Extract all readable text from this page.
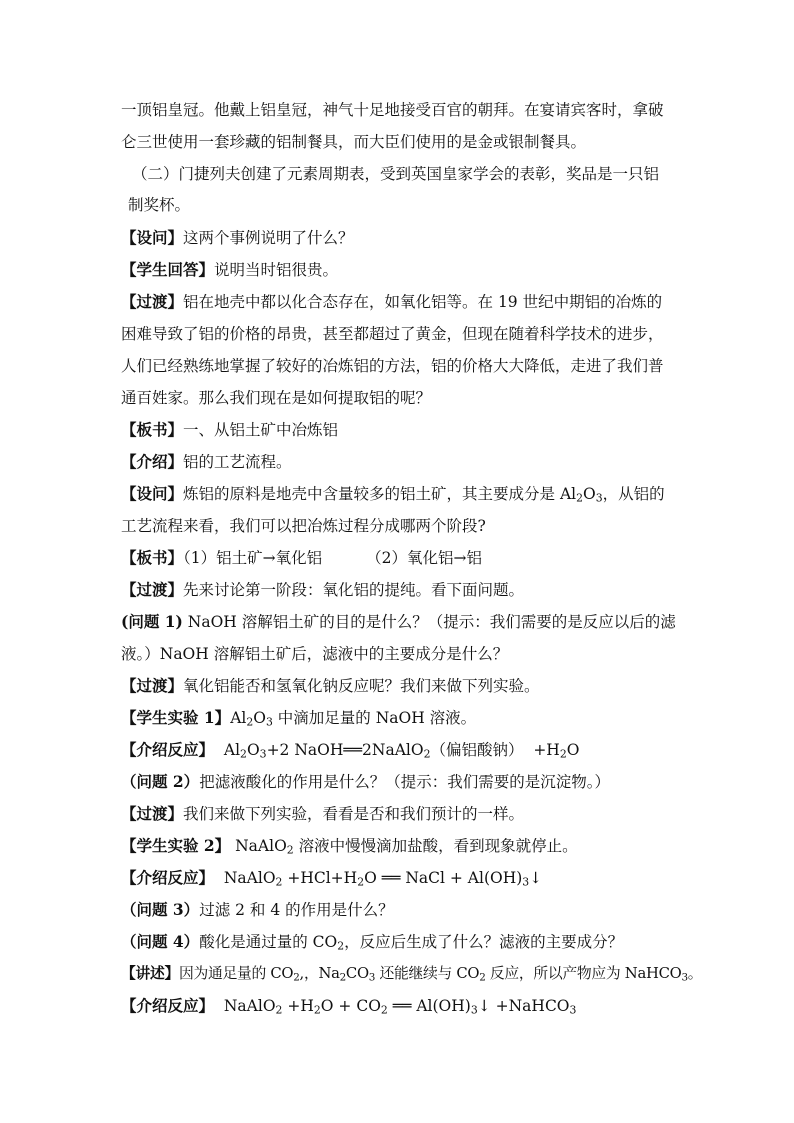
一顶铝皇冠。他戴上铝皇冠，神气十足地接受百官的朝拜。在宴请宾客时，拿破
仑三世使用一套珍藏的铝制餐具，而大臣们使用的是金或银制餐具。
（二）门捷列夫创建了元素周期表，受到英国皇家学会的表彰，奖品是一只铝
制奖杯。
【设问】这两个事例说明了什么？
【学生回答】说明当时铝很贵。
【过渡】铝在地壳中都以化合态存在，如氧化铝等。在 19 世纪中期铝的冶炼的
困难导致了铝的价格的昂贵，甚至都超过了黄金，但现在随着科学技术的进步，
人们已经熟练地掌握了较好的冶炼铝的方法，铝的价格大大降低，走进了我们普
通百姓家。那么我们现在是如何提取铝的呢？
【板书】一、从铝土矿中冶炼铝
【介绍】铝的工艺流程。
【设问】炼铝的原料是地壳中含量较多的铝土矿，其主要成分是 $Al_2O_3$，从铝的
工艺流程来看，我们可以把冶炼过程分成哪两个阶段?
【板书】（1）铝土矿→氧化铝	（2）氧化铝→铝
【过渡】先来讨论第一阶段：氧化铝的提纯。看下面问题。
(问题 1) NaOH 溶解铝土矿的目的是什么？（提示：我们需要的是反应以后的滤
液。）NaOH 溶解铝土矿后，滤液中的主要成分是什么？
【过渡】氧化铝能否和氢氧化钠反应呢？我们来做下列实验。
【学生实验 1】$Al_2O_3$ 中滴加足量的 NaOH 溶液。
【介绍反应】  $Al_2O_3+2$ NaOH══2NaAlO$_2$（偏铝酸钠）  $+H_2O$
（问题 2）把滤液酸化的作用是什么？（提示：我们需要的是沉淀物。）
【过渡】我们来做下列实验，看看是否和我们预计的一样。
【学生实验 2】 NaAlO$_2$ 溶液中慢慢滴加盐酸，看到现象就停止。
【介绍反应】  NaAlO$_2$ $+HCl+H_2O$ ══ NaCl + $Al(OH)_3↓$
（问题 3）过滤 2 和 4 的作用是什么？
（问题 4）酸化是通过量的 $CO_2$，反应后生成了什么？滤液的主要成分？
【讲述】因为通足量的 $CO_2$,，$Na_2CO_3$ 还能继续与 $CO_2$ 反应，所以产物应为 NaHCO$_3$。
【介绍反应】  NaAlO$_2$ $+H_2O + CO_2$ ══ $Al(OH)_3↓$ +NaHCO$_3$
